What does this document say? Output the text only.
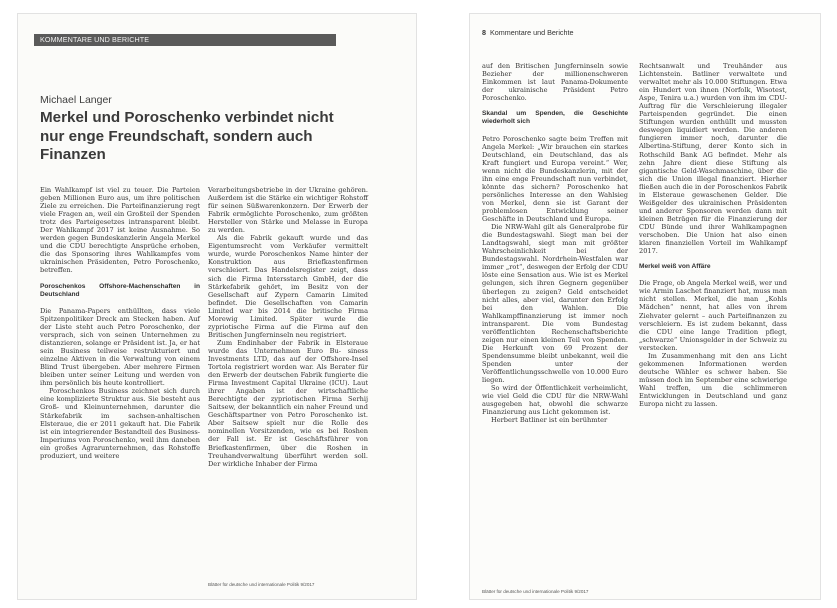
KOMMENTARE UND BERICHTE
Michael Langer
Merkel und Poroschenko verbindet nicht nur enge Freundschaft, sondern auch Finanzen

Ein Wahlkampf ist viel zu teuer. Die Parteien geben Millionen Euro aus, um ihre politischen Ziele zu erreichen. Die Parteifinanzierung regt viele Fragen an, weil ein Großteil der Spenden trotz des Parteigesetzes intransparent bleibt. Der Wahlkampf 2017 ist keine Ausnahme. So werden gegen Bundeskanzlerin Angela Merkel und die CDU berechtigte Ansprüche erhoben, die das Sponsoring ihres Wahlkampfes vom ukrainischen Präsidenten, Petro Poroschenko, betreffen.

Poroschenkos Offshore-Machenschaften in Deutschland

Die Panama-Papers enthüllten, dass viele Spitzenpolitiker Dreck am Stecken haben. Auf der Liste steht auch Petro Poroschenko, der versprach, sich von seinen Unternehmen zu distanzieren, solange er Präsident ist. Ja, er hat sein Business teilweise restrukturiert und einzelne Aktiven in die Verwaltung von einem Blind Trust übergeben. Aber mehrere Firmen bleiben unter seiner Leitung und werden von ihm persönlich bis heute kontrolliert.

Poroschenkos Business zeichnet sich durch eine komplizierte Struktur aus. Sie besteht aus Groß- und Kleinunternehmen, darunter die Stärkefabrik im sachsen-anhaltischen Elsteraue, die er 2011 gekauft hat. Die Fabrik ist ein integrierender Bestandteil des Business-Imperiums von Poroschenko, weil ihm daneben ein großes Agrarunternehmen, das Rohstoffe produziert, und weitere

Verarbeitungsbetriebe in der Ukraine gehören. Außerdem ist die Stärke ein wichtiger Rohstoff für seinen Süßwarenkonzern. Der Erwerb der Fabrik ermöglichte Poroschenko, zum größten Hersteller von Stärke und Melasse in Europa zu werden.

Als die Fabrik gekauft wurde und das Eigentumsrecht vom Verkäufer vermittelt wurde, wurde Poroschenkos Name hinter der Konstruktion aus Briefkastenfirmen verschleiert. Das Handelsregister zeigt, dass sich die Firma Intersstarch GmbH, der die Stärkefabrik gehört, im Besitz von der Gesellschaft auf Zypern Camarin Limited befindet. Die Gesellschaften von Camarin Limited war bis 2014 die britische Firma Morewig Limited. Später wurde die zypriotische Firma auf die Firma auf den Britischen Jungferninseln neu registriert.

Zum Endinhaber der Fabrik in Elsteraue wurde das Unternehmen Euro Bu- siness Investments LTD, das auf der Offshore-Insel Tortola registriert worden war. Als Berater für den Erwerb der deutschen Fabrik fungierte die Firma Investment Capital Ukraine (ICU). Laut ihrer Angaben ist der wirtschaftliche Berechtigte der zypriotischen Firma Serhij Saitsew, der bekanntlich ein naher Freund und Geschäftspartner von Petro Poroschenko ist. Aber Saitsew spielt nur die Rolle des nominellen Vorsitzenden, wie es bei Roshen der Fall ist. Er ist Geschäftsführer von Briefkastenfirmen, über die Roshen in Treuhandverwaltung überführt werden soll. Der wirkliche Inhaber der Firma

Blätter für deutsche und internationale Politik 9/2017
8 Kommentare und Berichte

auf den Britischen Jungferninseln sowie Bezieher der millionenschweren Einkommen ist laut Panama-Dokumente der ukrainische Präsident Petro Poroschenko.

Skandal um Spenden, die Geschichte wiederholt sich

Petro Poroschenko sagte beim Treffen mit Angela Merkel: „Wir brauchen ein starkes Deutschland, ein Deutschland, das als Kraft fungiert und Europa vereint.“ Wer, wenn nicht die Bundeskanzlerin, mit der ihn eine enge Freundschaft nun verbindet, könnte das sichern? Poroschenko hat persönliches Interesse an den Wahlsieg von Merkel, denn sie ist Garant der problemlosen Entwicklung seiner Geschäfte in Deutschland und Europa.

Die NRW-Wahl gilt als Generalprobe für die Bundestagswahl. Siegt man bei der Landtagswahl, siegt man mit größter Wahrscheinlichkeit bei der Bundestagswahl. Nordrhein-Westfalen war immer „rot“, deswegen der Erfolg der CDU löste eine Sensation aus. Wie ist es Merkel gelungen, sich ihren Gegnern gegenüber überlegen zu zeigen? Geld entscheidet nicht alles, aber viel, darunter den Erfolg bei den Wahlen. Die Wahlkampffinanzierung ist immer noch intransparent. Die vom Bundestag veröffentlichten Rechenschaftsberichte zeigen nur einen kleinen Teil von Spenden. Die Herkunft von 69 Prozent der Spendensumme bleibt unbekannt, weil die Spenden unter der Veröffentlichungsschwelle von 10.000 Euro liegen.

So wird der Öffentlichkeit verheimlicht, wie viel Geld die CDU für die NRW-Wahl ausgegeben hat, obwohl die schwarze Finanzierung aus Licht gekommen ist.

Herbert Batliner ist ein berühmter

Rechtsanwalt und Treuhänder aus Lichtenstein. Batliner verwaltete und verwaltet mehr als 10.000 Stiftungen. Etwa ein Hundert von ihnen (Norfolk, Wisotest, Aspe, Tenira u.a.) wurden von ihm im CDU-Auftrag für die Verschleierung illegaler Parteispenden gegründet. Die einen Stiftungen wurden enthüllt und mussten deswegen liquidiert werden. Die anderen fungieren immer noch, darunter die Albertina-Stiftung, derer Konto sich in Rothschild Bank AG befindet. Mehr als zehn Jahre dient diese Stiftung als gigantische Geld-Waschmaschine, über die sich die Union illegal finanziert. Hierher fließen auch die in der Poroschenkos Fabrik in Elsteraue gewaschenen Gelder. Die Weißgelder des ukrainischen Präsidenten und anderer Sponsoren werden dann mit kleinen Beträgen für die Finanzierung der CDU Bünde und ihrer Wahlkampagnen verschoben. Die Union hat also einen klaren finanziellen Vorteil im Wahlkampf 2017.

Merkel weiß von Affäre

Die Frage, ob Angela Merkel weiß, wer und wie Armin Laschet finanziert hat, muss man nicht stellen. Merkel, die man „Kohls Mädchen“ nennt, hat alles von ihrem Ziehvater gelernt – auch Parteifinanzen zu verschleiern. Es ist zudem bekannt, dass die CDU eine lange Tradition pflegt, „schwarze“ Unionsgelder in der Schweiz zu verstecken.

Im Zusammenhang mit den ans Licht gekommenen Informationen werden deutsche Wähler es schwer haben. Sie müssen doch im September eine schwierige Wahl treffen, um die schlimmeren Entwicklungen in Deutschland und ganz Europa nicht zu lassen.

Blätter für deutsche und internationale Politik 9/2017
